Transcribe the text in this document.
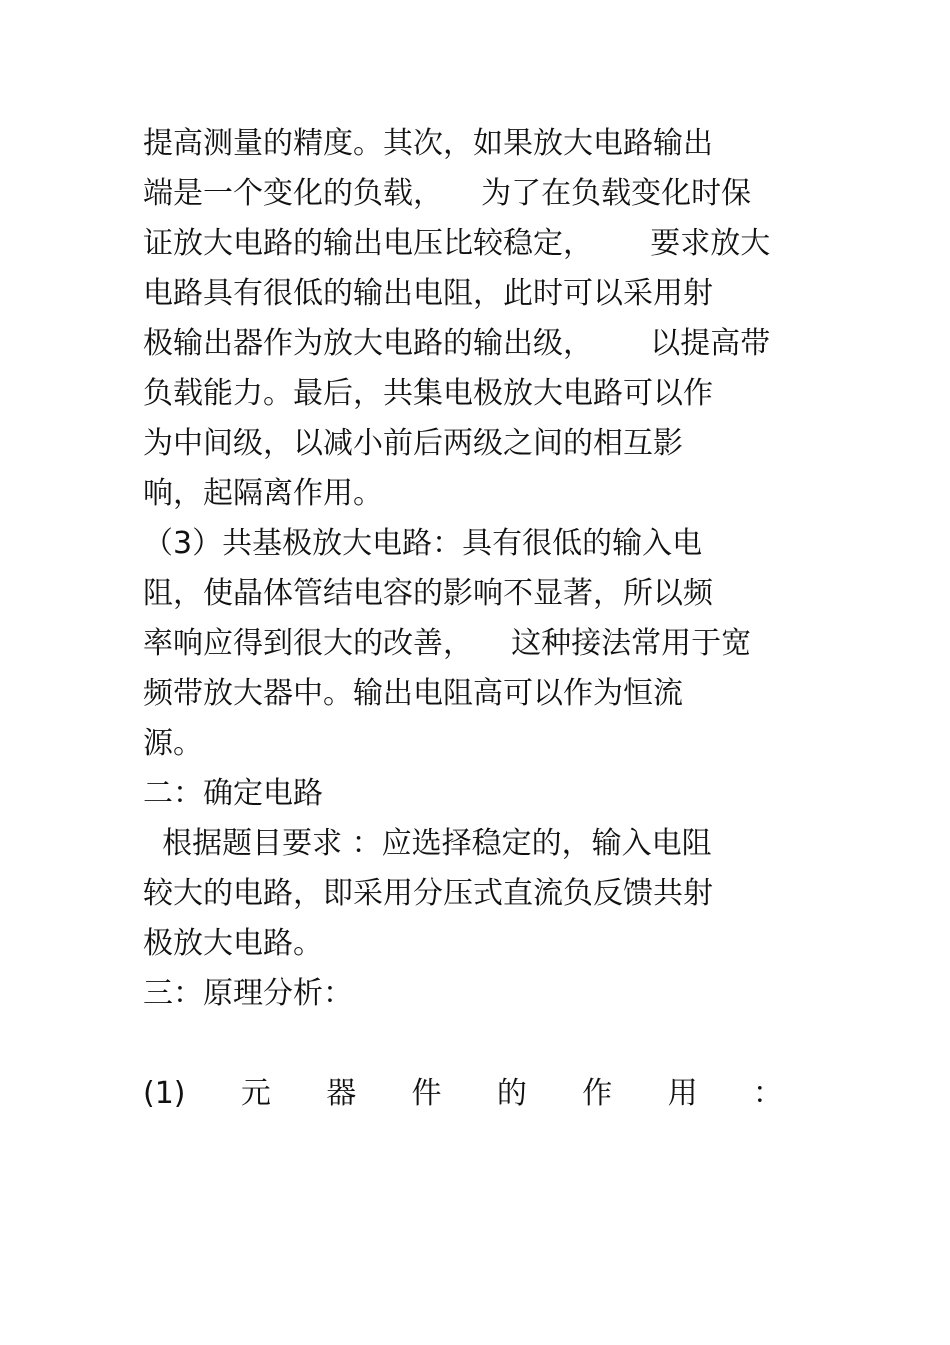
提高测量的精度。其次，如果放大电路输出

端是一个变化的负载，    为了在负载变化时保

证放大电路的输出电压比较稳定，      要求放大

电路具有很低的输出电阻，此时可以采用射

极输出器作为放大电路的输出级，      以提高带

负载能力。最后，共集电极放大电路可以作

为中间级，以减小前后两级之间的相互影

响，起隔离作用。

（3）共基极放大电路：具有很低的输入电

阻，使晶体管结电容的影响不显著，所以频

率响应得到很大的改善，    这种接法常用于宽

频带放大器中。输出电阻高可以作为恒流

源。

二：确定电路

根据题目要求 ：应选择稳定的，输入电阻

较大的电路，即采用分压式直流负反馈共射

极放大电路。

三：原理分析：

(1) 元 器 件 的 作 用 ：
